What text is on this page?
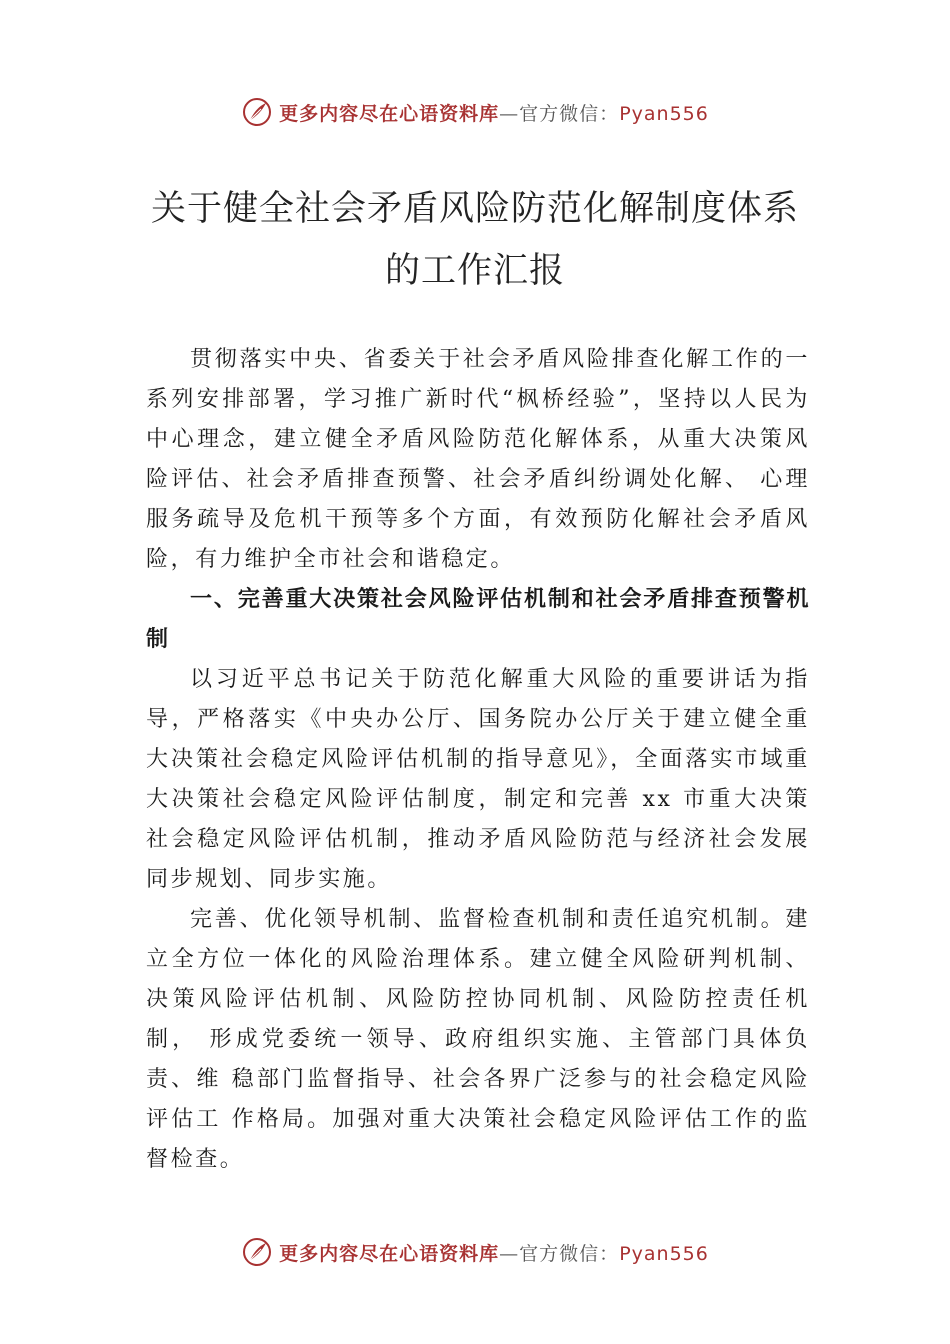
更多内容尽在心语资料库—官方微信：Pyan556
关于健全社会矛盾风险防范化解制度体系
的工作汇报

贯彻落实中央、省委关于社会矛盾风险排查化解工作的一系列安排部署，学习推广新时代“枫桥经验”，坚持以人民为中心理念，建立健全矛盾风险防范化解体系，从重大决策风险评估、社会矛盾排查预警、社会矛盾纠纷调处化解、 心理服务疏导及危机干预等多个方面，有效预防化解社会矛盾风险，有力维护全市社会和谐稳定。

一、完善重大决策社会风险评估机制和社会矛盾排查预警机制

以习近平总书记关于防范化解重大风险的重要讲话为指导，严格落实《中央办公厅、国务院办公厅关于建立健全重大决策社会稳定风险评估机制的指导意见》，全面落实市域重大决策社会稳定风险评估制度，制定和完善 xx 市重大决策社会稳定风险评估机制，推动矛盾风险防范与经济社会发展同步规划、同步实施。

完善、优化领导机制、监督检查机制和责任追究机制。建立全方位一体化的风险治理体系。建立健全风险研判机制、决策风险评估机制、风险防控协同机制、风险防控责任机制， 形成党委统一领导、政府组织实施、主管部门具体负责、维 稳部门监督指导、社会各界广泛参与的社会稳定风险评估工 作格局。加强对重大决策社会稳定风险评估工作的监督检查。

更多内容尽在心语资料库—官方微信：Pyan556
